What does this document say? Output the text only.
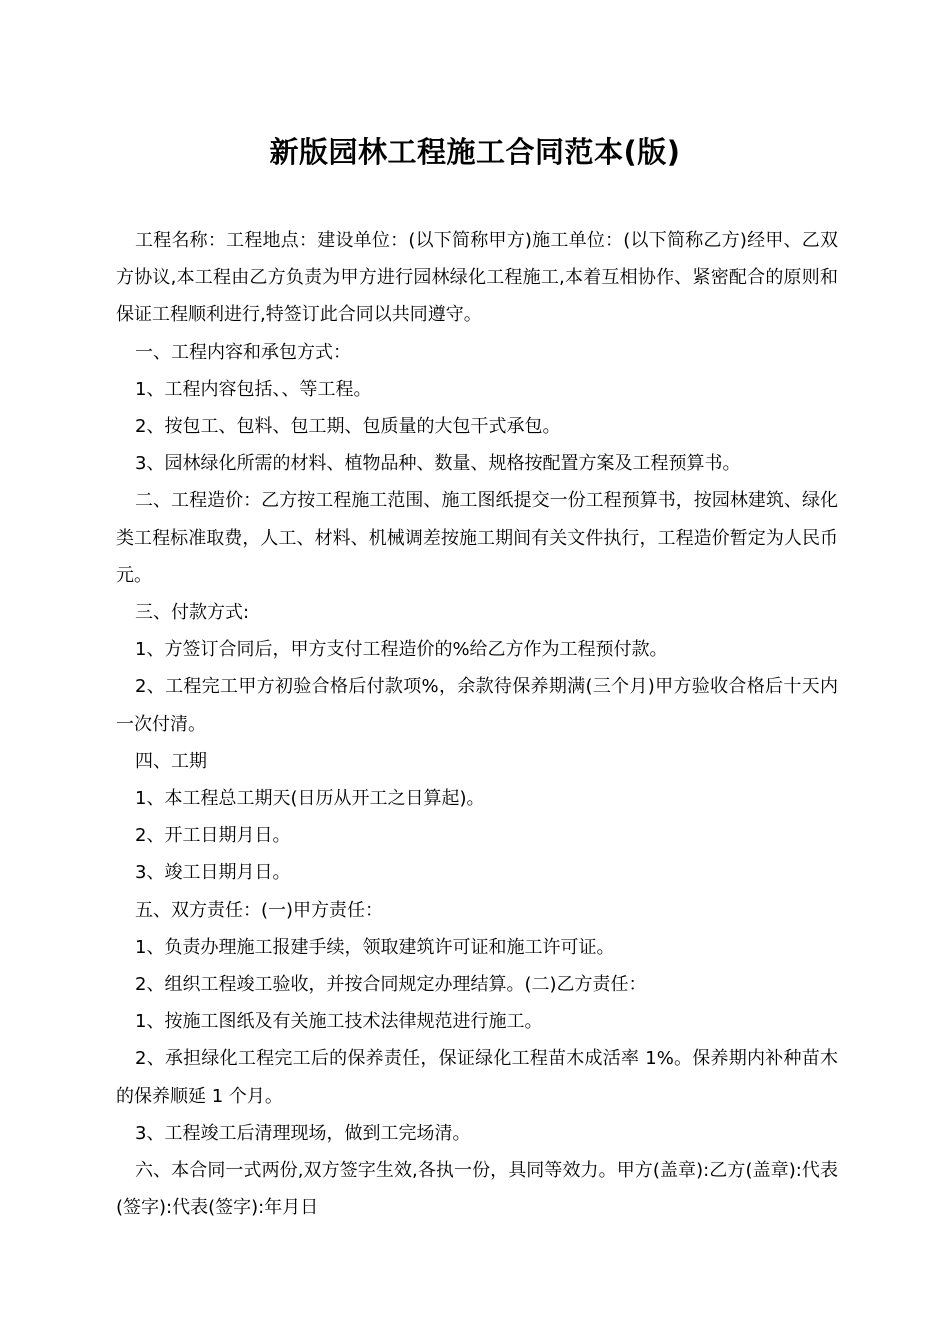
新版园林工程施工合同范本(版)

工程名称：工程地点：建设单位：(以下简称甲方)施工单位：(以下简称乙方)经甲、乙双方协议,本工程由乙方负责为甲方进行园林绿化工程施工,本着互相协作、紧密配合的原则和保证工程顺利进行,特签订此合同以共同遵守。

一、工程内容和承包方式：

1、工程内容包括、、等工程。

2、按包工、包料、包工期、包质量的大包干式承包。

3、园林绿化所需的材料、植物品种、数量、规格按配置方案及工程预算书。

二、工程造价：乙方按工程施工范围、施工图纸提交一份工程预算书，按园林建筑、绿化类工程标准取费，人工、材料、机械调差按施工期间有关文件执行，工程造价暂定为人民币元。

三、付款方式:

1、方签订合同后，甲方支付工程造价的%给乙方作为工程预付款。

2、工程完工甲方初验合格后付款项%，余款待保养期满(三个月)甲方验收合格后十天内一次付清。

四、工期

1、本工程总工期天(日历从开工之日算起)。

2、开工日期月日。

3、竣工日期月日。

五、双方责任：(一)甲方责任：

1、负责办理施工报建手续，领取建筑许可证和施工许可证。

2、组织工程竣工验收，并按合同规定办理结算。(二)乙方责任：

1、按施工图纸及有关施工技术法律规范进行施工。

2、承担绿化工程完工后的保养责任，保证绿化工程苗木成活率 1%。保养期内补种苗木的保养顺延 1 个月。

3、工程竣工后清理现场，做到工完场清。

六、本合同一式两份,双方签字生效,各执一份，具同等效力。甲方(盖章):乙方(盖章):代表(签字):代表(签字):年月日
